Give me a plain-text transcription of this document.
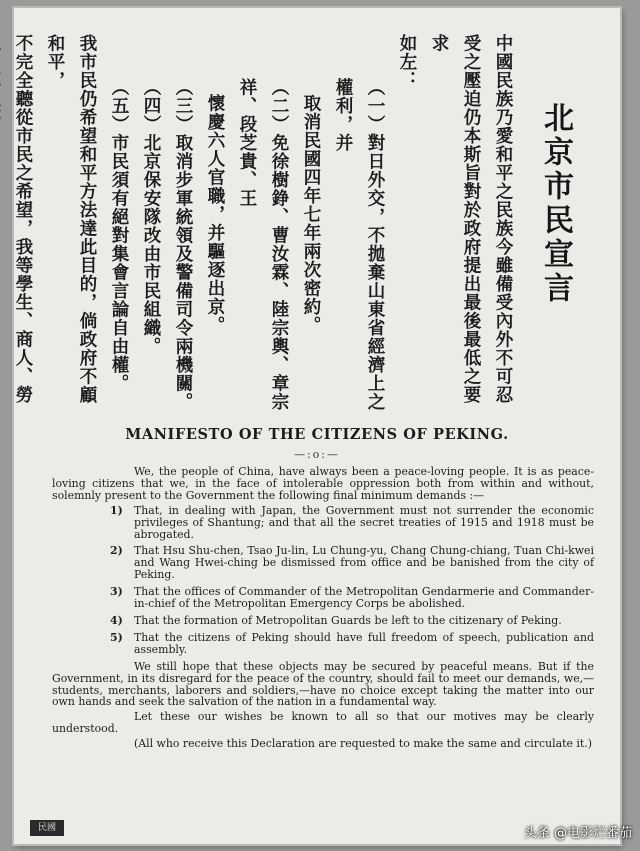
北京市民宣言
中國民族乃愛和平之民族今雖備受內外不可忍
受之壓迫仍本斯旨對於政府提出最後最低之要求
如左：
（一）對日外交，不拋棄山東省經濟上之權利，并
取消民國四年七年兩次密約。
（二）免徐樹錚、曹汝霖、陸宗輿、章宗祥、段芝貴、王
懷慶六人官職，并驅逐出京。
（三）取消步軍統領及警備司令兩機關。
（四）北京保安隊改由市民組織。
（五）市民須有絕對集會言論自由權。
我市民仍希望和平方法達此目的，倘政府不顧和平，
不完全聽從市民之希望，我等學生、商人、勞
MANIFESTO OF THE CITIZENS OF PEKING.
—:o:—

We, the people of China, have always been a peace-loving people. It is as peace-loving citizens that we, in the face of intolerable oppression both from within and without, solemnly present to the Government the following final minimum demands :—

1) That, in dealing with Japan, the Government must not surrender the economic privileges of Shantung; and that all the secret treaties of 1915 and 1918 must be abrogated.
2) That Hsu Shu-chen, Tsao Ju-lin, Lu Chung-yu, Chang Chung-chiang, Tuan Chi-kwei and Wang Hwei-ching be dismissed from office and be banished from the city of Peking.
3) That the offices of Commander of the Metropolitan Gendarmerie and Commander-in-chief of the Metropolitan Emergency Corps be abolished.
4) That the formation of Metropolitan Guards be left to the citizenary of Peking.
5) That the citizens of Peking should have full freedom of speech, publication and assembly.

We still hope that these objects may be secured by peaceful means. But if the Government, in its disregard for the peace of the country, should fail to meet our demands, we,—students, merchants, laborers and soldiers,—have no choice except taking the matter into our own hands and seek the salvation of the nation in a fundamental way.

Let these our wishes be known to all so that our motives may be clearly understood.

(All who receive this Declaration are requested to make the same and circulate it.)

民國	头条 @电影烂番茄
